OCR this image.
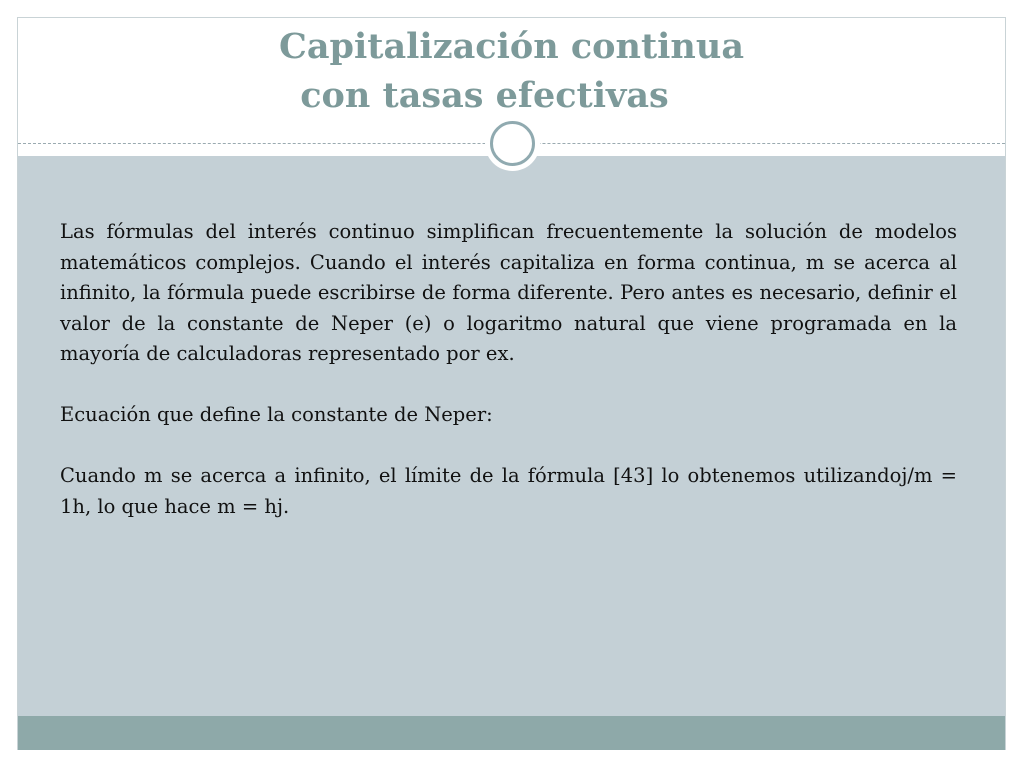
Capitalización continua
con tasas efectivas

Las fórmulas del interés continuo simplifican frecuentemente la solución de modelos matemáticos complejos. Cuando el interés capitaliza en forma continua, m se acerca al infinito, la fórmula puede escribirse de forma diferente. Pero antes es necesario, definir el valor de la constante de Neper (e) o logaritmo natural que viene programada en la mayoría de calculadoras representado por ex.

Ecuación que define la constante de Neper:

Cuando m se acerca a infinito, el límite de la fórmula [43] lo obtenemos utilizandoj/m = 1h, lo que hace m = hj.
